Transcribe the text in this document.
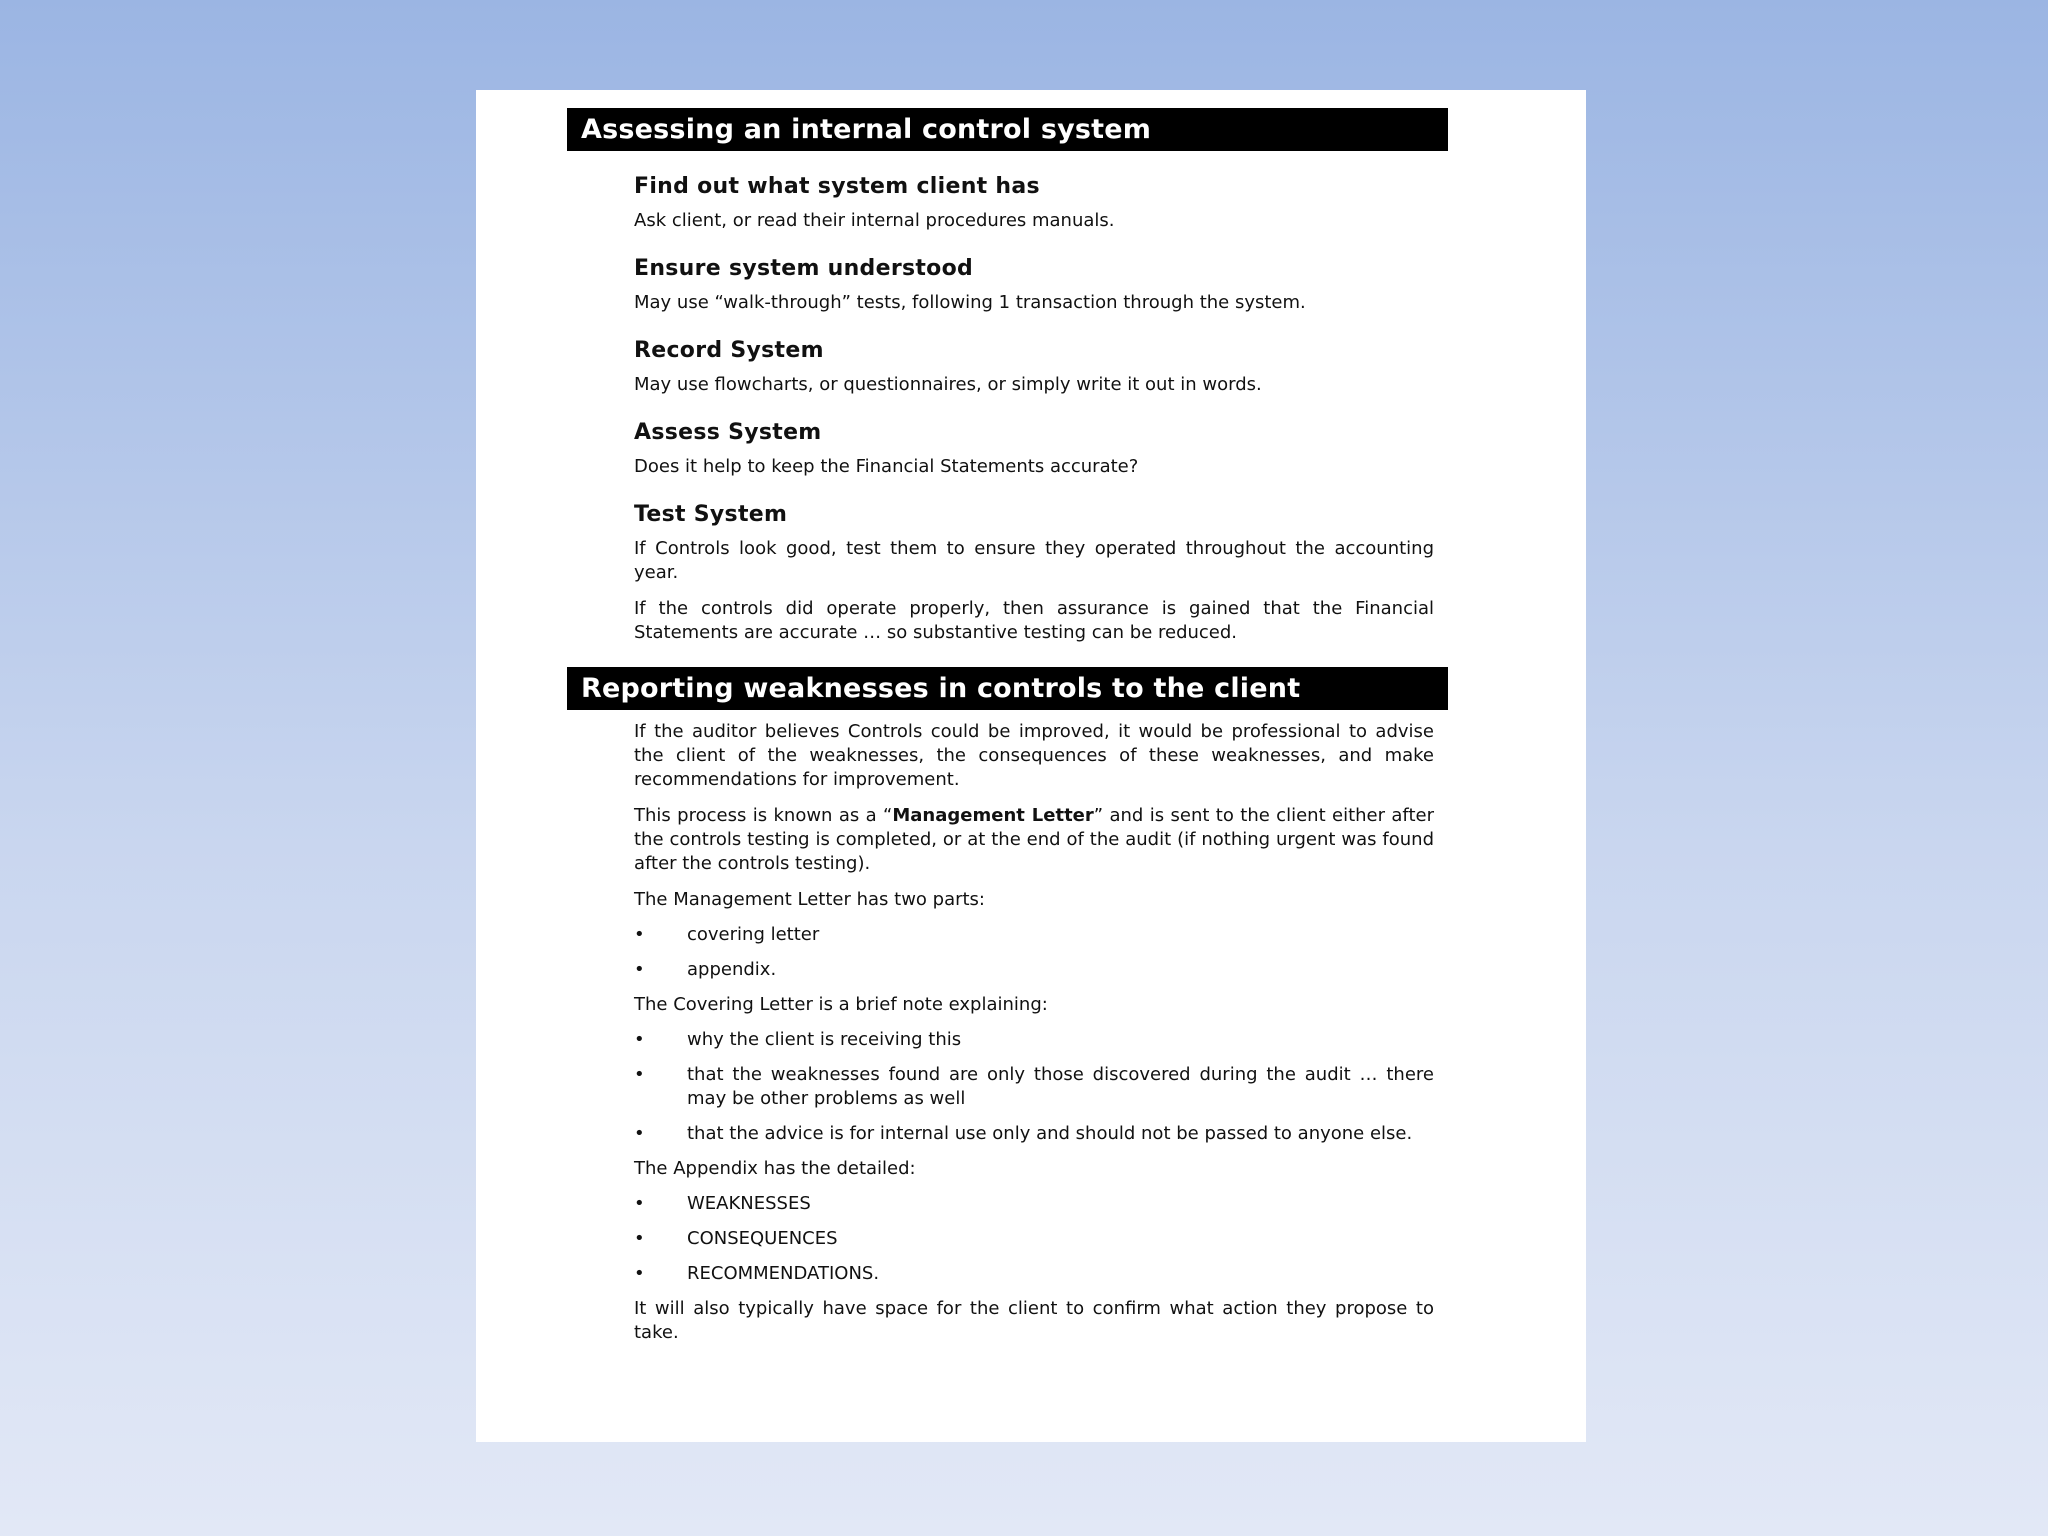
Assessing an internal control system

Find out what system client has

Ask client, or read their internal procedures manuals.

Ensure system understood

May use “walk-through” tests, following 1 transaction through the system.

Record System

May use flowcharts, or questionnaires, or simply write it out in words.

Assess System

Does it help to keep the Financial Statements accurate?

Test System

If Controls look good, test them to ensure they operated throughout the accounting year.

If the controls did operate properly, then assurance is gained that the Financial Statements are accurate … so substantive testing can be reduced.

Reporting weaknesses in controls to the client

If the auditor believes Controls could be improved, it would be professional to advise the client of the weaknesses, the consequences of these weaknesses, and make recommendations for improvement.

This process is known as a “Management Letter” and is sent to the client either after the controls testing is completed, or at the end of the audit (if nothing urgent was found after the controls testing).

The Management Letter has two parts:

•	covering letter
•	appendix.

The Covering Letter is a brief note explaining:

•	why the client is receiving this
•	that the weaknesses found are only those discovered during the audit … there may be other problems as well
•	that the advice is for internal use only and should not be passed to anyone else.

The Appendix has the detailed:

•	WEAKNESSES
•	CONSEQUENCES
•	RECOMMENDATIONS.

It will also typically have space for the client to confirm what action they propose to take.
